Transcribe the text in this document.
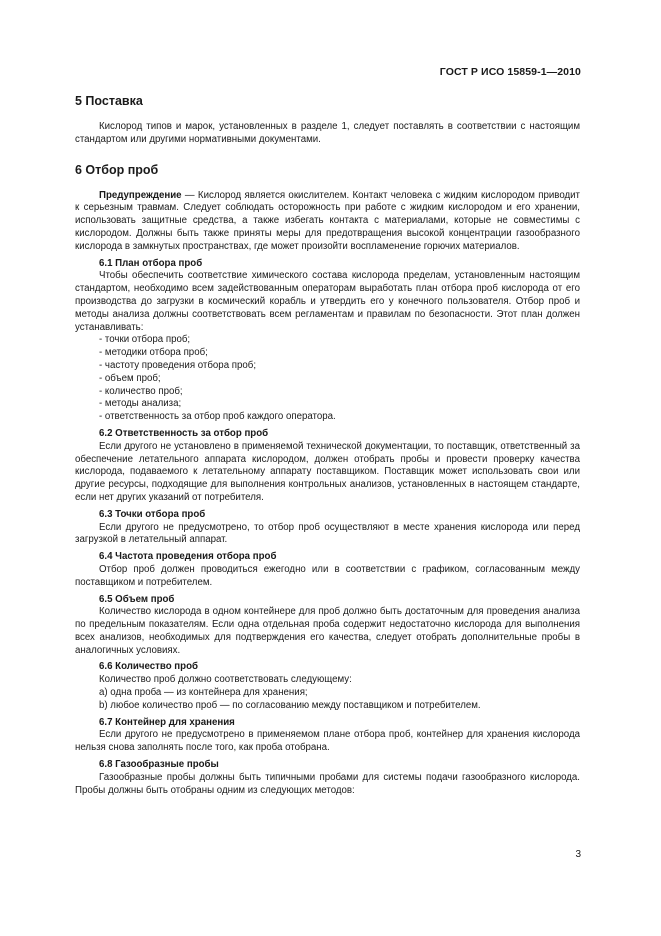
ГОСТ Р ИСО 15859-1—2010
5 Поставка

Кислород типов и марок, установленных в разделе 1, следует поставлять в соответствии с настоящим стандартом или другими нормативными документами.

6 Отбор проб

Предупреждение — Кислород является окислителем. Контакт человека с жидким кислородом приводит к серьезным травмам. Следует соблюдать осторожность при работе с жидким кислородом и его хранении, использовать защитные средства, а также избегать контакта с материалами, которые не совместимы с кислородом. Должны быть также приняты меры для предотвращения высокой концентрации газообразного кислорода в замкнутых пространствах, где может произойти воспламенение горючих материалов.

6.1 План отбора проб

Чтобы обеспечить соответствие химического состава кислорода пределам, установленным настоящим стандартом, необходимо всем задействованным операторам выработать план отбора проб кислорода от его производства до загрузки в космический корабль и утвердить его у конечного пользователя. Отбор проб и методы анализа должны соответствовать всем регламентам и правилам по безопасности. Этот план должен устанавливать:

- точки отбора проб;
- методики отбора проб;
- частоту проведения отбора проб;
- объем проб;
- количество проб;
- методы анализа;
- ответственность за отбор проб каждого оператора.
6.2 Ответственность за отбор проб

Если другого не установлено в применяемой технической документации, то поставщик, ответственный за обеспечение летательного аппарата кислородом, должен отобрать пробы и провести проверку качества кислорода, подаваемого к летательному аппарату поставщиком. Поставщик может использовать свои или другие ресурсы, подходящие для выполнения контрольных анализов, установленных в настоящем стандарте, если нет других указаний от потребителя.

6.3 Точки отбора проб

Если другого не предусмотрено, то отбор проб осуществляют в месте хранения кислорода или перед загрузкой в летательный аппарат.

6.4 Частота проведения отбора проб

Отбор проб должен проводиться ежегодно или в соответствии с графиком, согласованным между поставщиком и потребителем.

6.5 Объем проб

Количество кислорода в одном контейнере для проб должно быть достаточным для проведения анализа по предельным показателям. Если одна отдельная проба содержит недостаточно кислорода для выполнения всех анализов, необходимых для подтверждения его качества, следует отобрать дополнительные пробы в аналогичных условиях.

6.6 Количество проб

Количество проб должно соответствовать следующему:

a) одна проба — из контейнера для хранения;
b) любое количество проб — по согласованию между поставщиком и потребителем.
6.7 Контейнер для хранения

Если другого не предусмотрено в применяемом плане отбора проб, контейнер для хранения кислорода нельзя снова заполнять после того, как проба отобрана.

6.8 Газообразные пробы

Газообразные пробы должны быть типичными пробами для системы подачи газообразного кислорода. Пробы должны быть отобраны одним из следующих методов:

3
